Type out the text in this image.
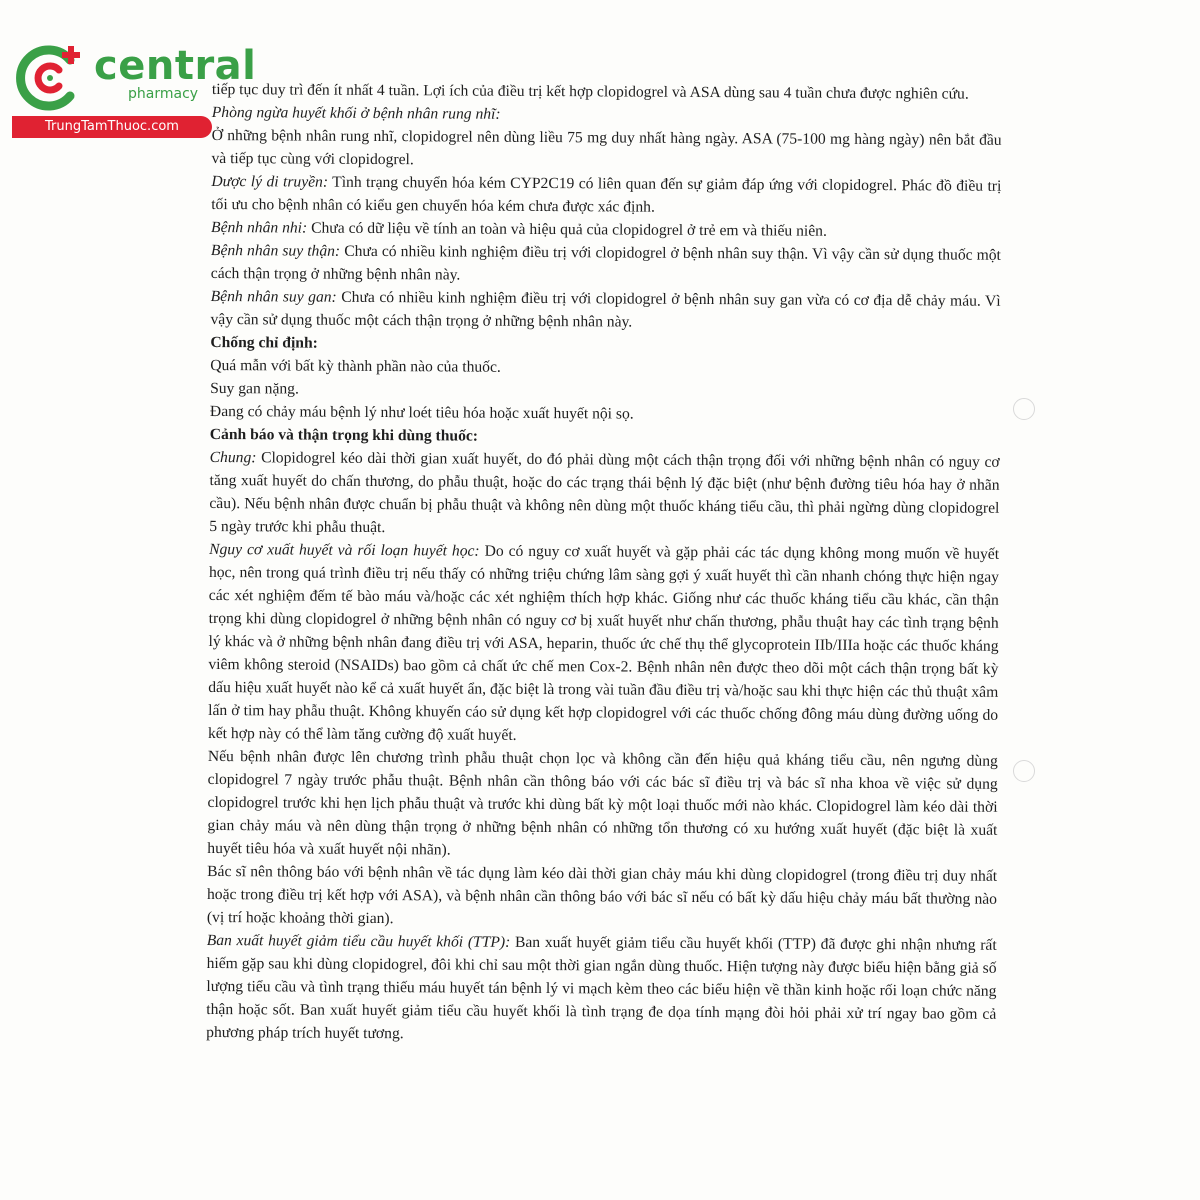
central
pharmacy
TrungTamThuoc.com

tiếp tục duy trì đến ít nhất 4 tuần. Lợi ích của điều trị kết hợp clopidogrel và ASA dùng sau 4 tuần chưa được nghiên cứu.

Phòng ngừa huyết khối ở bệnh nhân rung nhĩ:

Ở những bệnh nhân rung nhĩ, clopidogrel nên dùng liều 75 mg duy nhất hàng ngày. ASA (75-100 mg hàng ngày) nên bắt đầu và tiếp tục cùng với clopidogrel.

Dược lý di truyền: Tình trạng chuyển hóa kém CYP2C19 có liên quan đến sự giảm đáp ứng với clopidogrel. Phác đồ điều trị tối ưu cho bệnh nhân có kiểu gen chuyển hóa kém chưa được xác định.

Bệnh nhân nhi: Chưa có dữ liệu về tính an toàn và hiệu quả của clopidogrel ở trẻ em và thiếu niên.

Bệnh nhân suy thận: Chưa có nhiều kinh nghiệm điều trị với clopidogrel ở bệnh nhân suy thận. Vì vậy cần sử dụng thuốc một cách thận trọng ở những bệnh nhân này.

Bệnh nhân suy gan: Chưa có nhiều kinh nghiệm điều trị với clopidogrel ở bệnh nhân suy gan vừa có cơ địa dễ chảy máu. Vì vậy cần sử dụng thuốc một cách thận trọng ở những bệnh nhân này.

Chống chỉ định:

Quá mẫn với bất kỳ thành phần nào của thuốc.

Suy gan nặng.

Đang có chảy máu bệnh lý như loét tiêu hóa hoặc xuất huyết nội sọ.

Cảnh báo và thận trọng khi dùng thuốc:

Chung: Clopidogrel kéo dài thời gian xuất huyết, do đó phải dùng một cách thận trọng đối với những bệnh nhân có nguy cơ tăng xuất huyết do chấn thương, do phẫu thuật, hoặc do các trạng thái bệnh lý đặc biệt (như bệnh đường tiêu hóa hay ở nhãn cầu). Nếu bệnh nhân được chuẩn bị phẫu thuật và không nên dùng một thuốc kháng tiểu cầu, thì phải ngừng dùng clopidogrel 5 ngày trước khi phẫu thuật.

Nguy cơ xuất huyết và rối loạn huyết học: Do có nguy cơ xuất huyết và gặp phải các tác dụng không mong muốn về huyết học, nên trong quá trình điều trị nếu thấy có những triệu chứng lâm sàng gợi ý xuất huyết thì cần nhanh chóng thực hiện ngay các xét nghiệm đếm tế bào máu và/hoặc các xét nghiệm thích hợp khác. Giống như các thuốc kháng tiểu cầu khác, cần thận trọng khi dùng clopidogrel ở những bệnh nhân có nguy cơ bị xuất huyết như chấn thương, phẫu thuật hay các tình trạng bệnh lý khác và ở những bệnh nhân đang điều trị với ASA, heparin, thuốc ức chế thụ thể glycoprotein IIb/IIIa hoặc các thuốc kháng viêm không steroid (NSAIDs) bao gồm cả chất ức chế men Cox-2. Bệnh nhân nên được theo dõi một cách thận trọng bất kỳ dấu hiệu xuất huyết nào kể cả xuất huyết ẩn, đặc biệt là trong vài tuần đầu điều trị và/hoặc sau khi thực hiện các thủ thuật xâm lấn ở tim hay phẫu thuật. Không khuyến cáo sử dụng kết hợp clopidogrel với các thuốc chống đông máu dùng đường uống do kết hợp này có thể làm tăng cường độ xuất huyết.

Nếu bệnh nhân được lên chương trình phẫu thuật chọn lọc và không cần đến hiệu quả kháng tiểu cầu, nên ngưng dùng clopidogrel 7 ngày trước phẫu thuật. Bệnh nhân cần thông báo với các bác sĩ điều trị và bác sĩ nha khoa về việc sử dụng clopidogrel trước khi hẹn lịch phẫu thuật và trước khi dùng bất kỳ một loại thuốc mới nào khác. Clopidogrel làm kéo dài thời gian chảy máu và nên dùng thận trọng ở những bệnh nhân có những tổn thương có xu hướng xuất huyết (đặc biệt là xuất huyết tiêu hóa và xuất huyết nội nhãn).

Bác sĩ nên thông báo với bệnh nhân về tác dụng làm kéo dài thời gian chảy máu khi dùng clopidogrel (trong điều trị duy nhất hoặc trong điều trị kết hợp với ASA), và bệnh nhân cần thông báo với bác sĩ nếu có bất kỳ dấu hiệu chảy máu bất thường nào (vị trí hoặc khoảng thời gian).

Ban xuất huyết giảm tiểu cầu huyết khối (TTP): Ban xuất huyết giảm tiểu cầu huyết khối (TTP) đã được ghi nhận nhưng rất hiếm gặp sau khi dùng clopidogrel, đôi khi chỉ sau một thời gian ngắn dùng thuốc. Hiện tượng này được biểu hiện bằng giả số lượng tiểu cầu và tình trạng thiếu máu huyết tán bệnh lý vi mạch kèm theo các biểu hiện về thần kinh hoặc rối loạn chức năng thận hoặc sốt. Ban xuất huyết giảm tiểu cầu huyết khối là tình trạng đe dọa tính mạng đòi hỏi phải xử trí ngay bao gồm cả phương pháp trích huyết tương.
